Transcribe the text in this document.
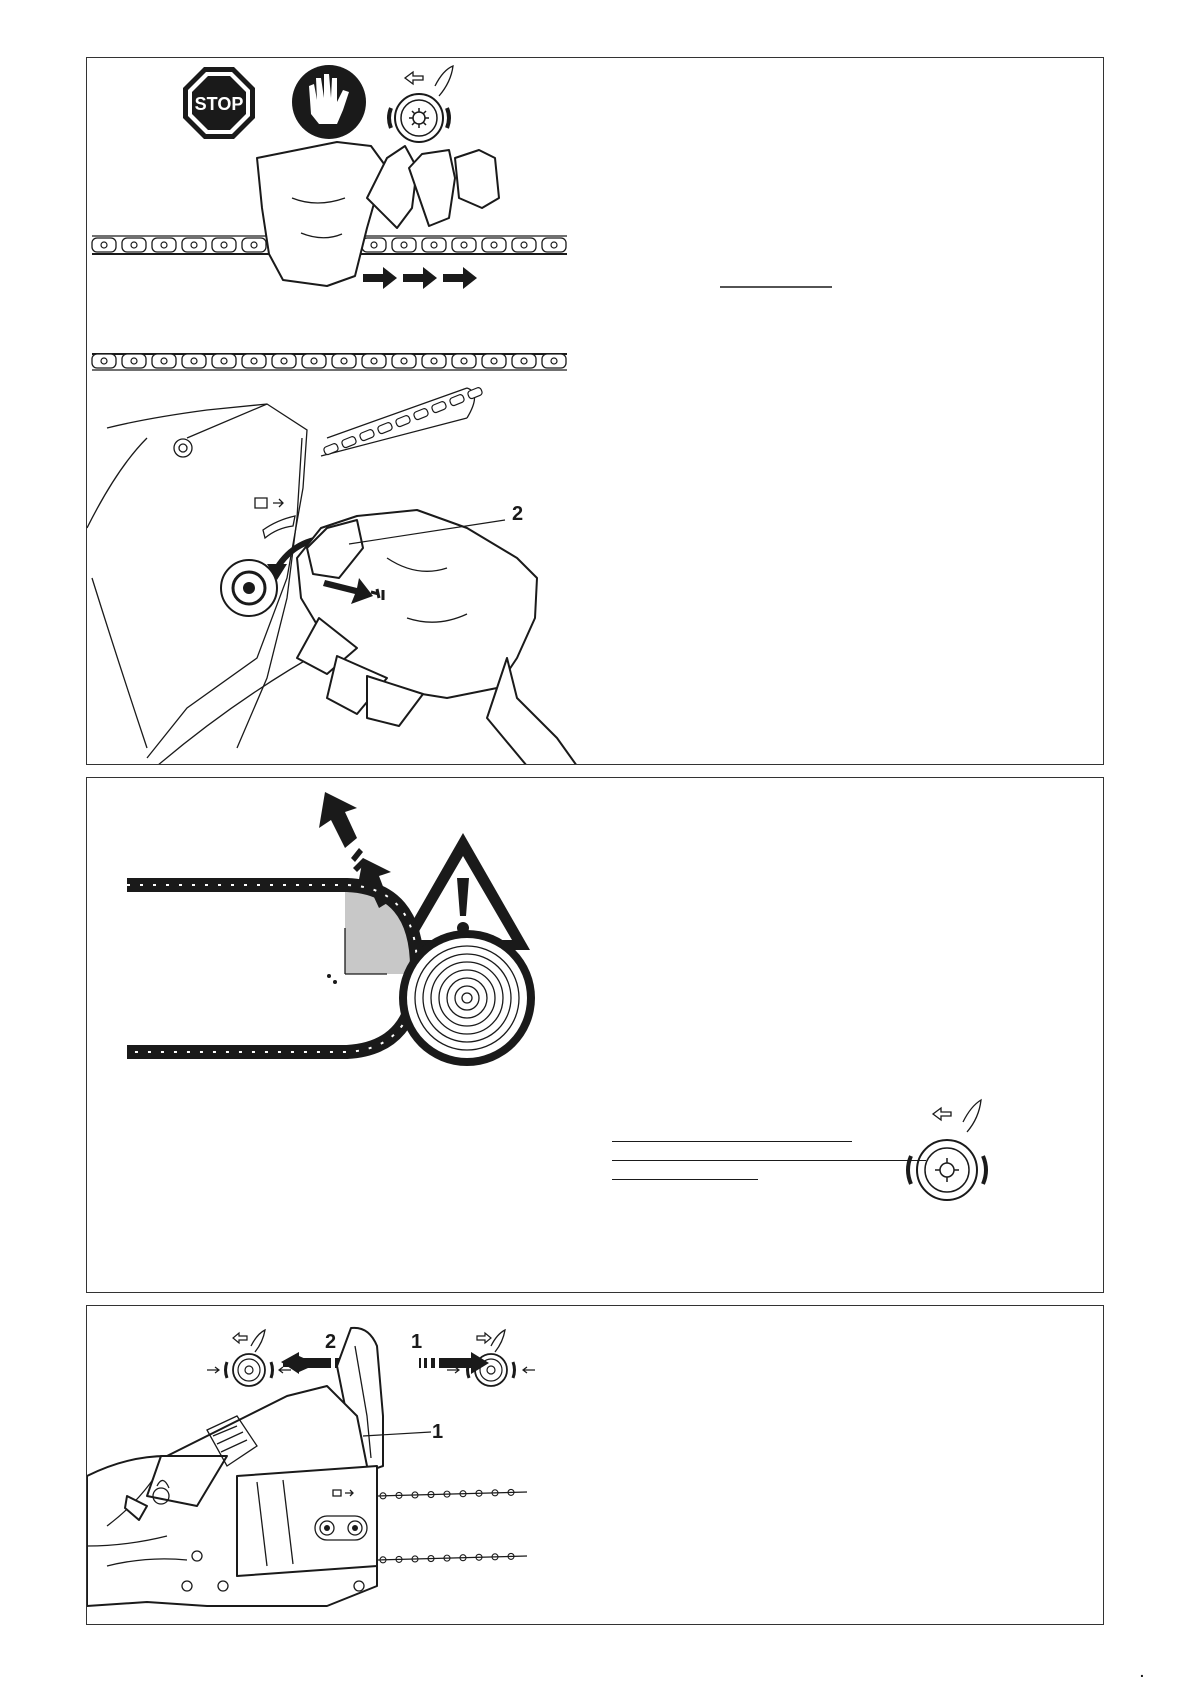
STOP
2
2	1
1
.
